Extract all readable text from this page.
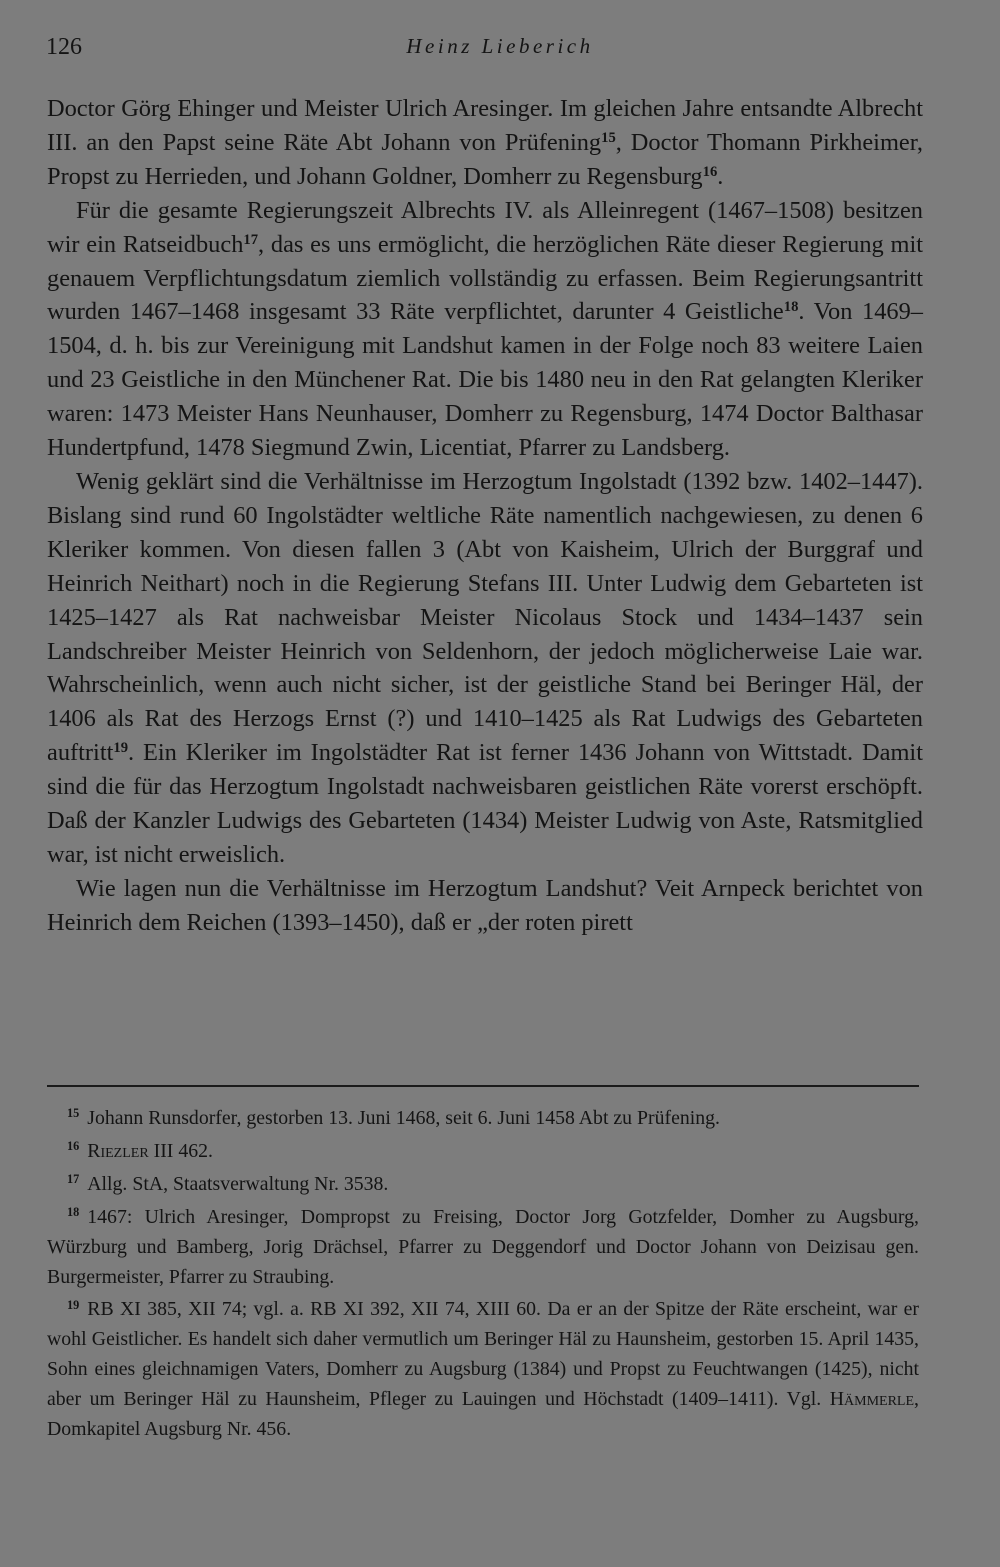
126	Heinz Lieberich

Doctor Görg Ehinger und Meister Ulrich Aresinger. Im gleichen Jahre entsandte Albrecht III. an den Papst seine Räte Abt Johann von Prüfening$^{15}$, Doctor Thomann Pirkheimer, Propst zu Herrieden, und Johann Goldner, Domherr zu Regensburg$^{16}$.

Für die gesamte Regierungszeit Albrechts IV. als Alleinregent (1467–1508) besitzen wir ein Ratseidbuch$^{17}$, das es uns ermöglicht, die herzöglichen Räte dieser Regierung mit genauem Verpflichtungsdatum ziemlich vollständig zu erfassen. Beim Regierungsantritt wurden 1467–1468 insgesamt 33 Räte verpflichtet, darunter 4 Geistliche$^{18}$. Von 1469–1504, d. h. bis zur Vereinigung mit Landshut kamen in der Folge noch 83 weitere Laien und 23 Geistliche in den Münchener Rat. Die bis 1480 neu in den Rat gelangten Kleriker waren: 1473 Meister Hans Neunhauser, Domherr zu Regensburg, 1474 Doctor Balthasar Hundertpfund, 1478 Siegmund Zwin, Licentiat, Pfarrer zu Landsberg.

Wenig geklärt sind die Verhältnisse im Herzogtum Ingolstadt (1392 bzw. 1402–1447). Bislang sind rund 60 Ingolstädter weltliche Räte namentlich nachgewiesen, zu denen 6 Kleriker kommen. Von diesen fallen 3 (Abt von Kaisheim, Ulrich der Burggraf und Heinrich Neithart) noch in die Regierung Stefans III. Unter Ludwig dem Gebarteten ist 1425–1427 als Rat nachweisbar Meister Nicolaus Stock und 1434–1437 sein Landschreiber Meister Heinrich von Seldenhorn, der jedoch möglicherweise Laie war. Wahrscheinlich, wenn auch nicht sicher, ist der geistliche Stand bei Beringer Häl, der 1406 als Rat des Herzogs Ernst (?) und 1410–1425 als Rat Ludwigs des Gebarteten auftritt$^{19}$. Ein Kleriker im Ingolstädter Rat ist ferner 1436 Johann von Wittstadt. Damit sind die für das Herzogtum Ingolstadt nachweisbaren geistlichen Räte vorerst erschöpft. Daß der Kanzler Ludwigs des Gebarteten (1434) Meister Ludwig von Aste, Ratsmitglied war, ist nicht erweislich.

Wie lagen nun die Verhältnisse im Herzogtum Landshut? Veit Arnpeck berichtet von Heinrich dem Reichen (1393–1450), daß er „der roten pirett

$^{15}$ Johann Runsdorfer, gestorben 13. Juni 1468, seit 6. Juni 1458 Abt zu Prüfening.

$^{16}$ Riezler III 462.

$^{17}$ Allg. StA, Staatsverwaltung Nr. 3538.

$^{18}$ 1467: Ulrich Aresinger, Dompropst zu Freising, Doctor Jorg Gotzfelder, Domher zu Augsburg, Würzburg und Bamberg, Jorig Drächsel, Pfarrer zu Deggendorf und Doctor Johann von Deizisau gen. Burgermeister, Pfarrer zu Straubing.

$^{19}$ RB XI 385, XII 74; vgl. a. RB XI 392, XII 74, XIII 60. Da er an der Spitze der Räte erscheint, war er wohl Geistlicher. Es handelt sich daher vermutlich um Beringer Häl zu Haunsheim, gestorben 15. April 1435, Sohn eines gleichnamigen Vaters, Domherr zu Augsburg (1384) und Propst zu Feuchtwangen (1425), nicht aber um Beringer Häl zu Haunsheim, Pfleger zu Lauingen und Höchstadt (1409–1411). Vgl. Hämmerle, Domkapitel Augsburg Nr. 456.
